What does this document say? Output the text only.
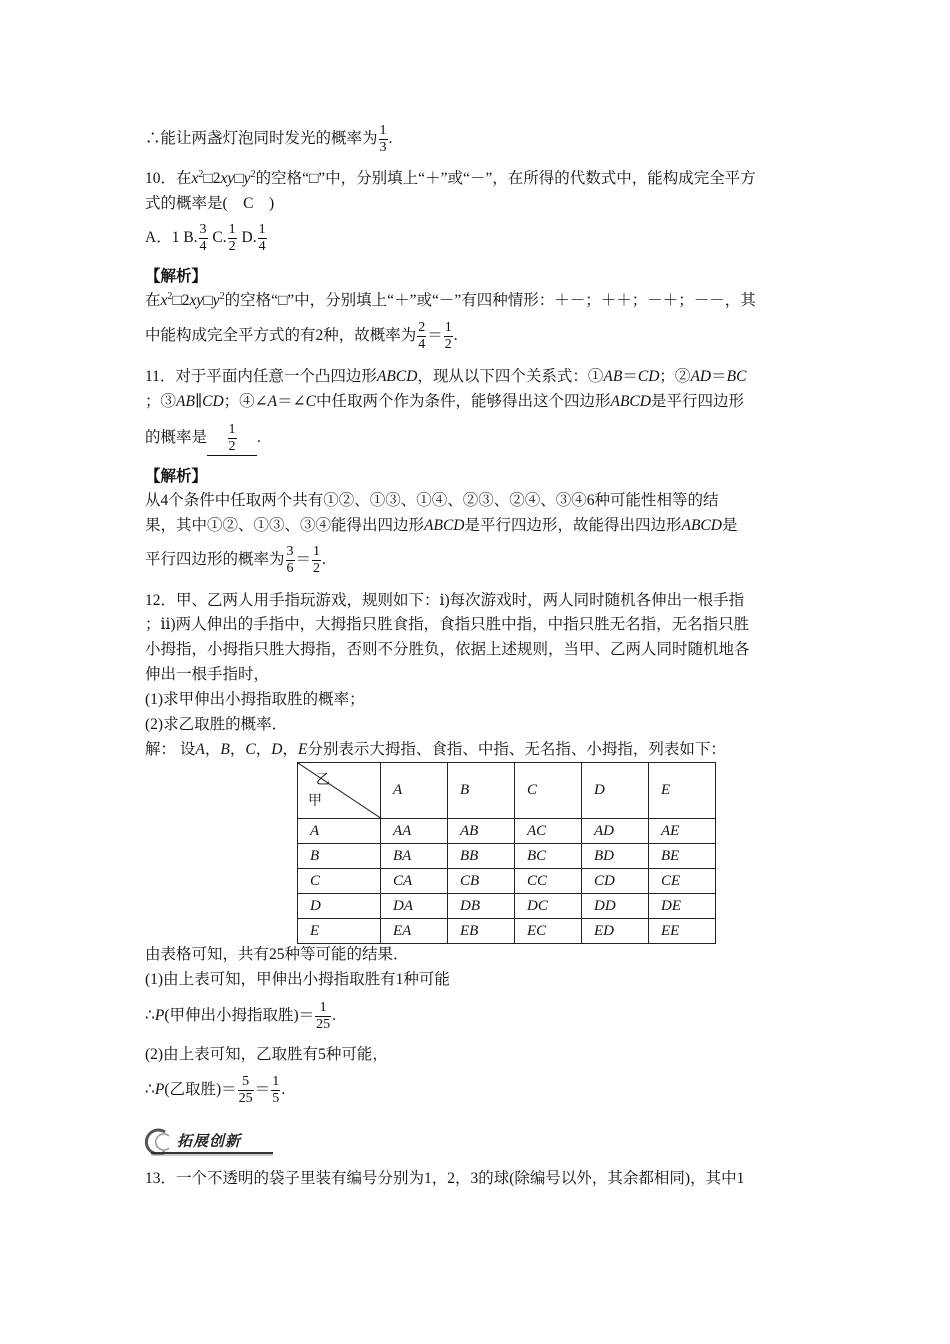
∴能让两盏灯泡同时发光的概率为 $\frac{1}{3}$ .
10．在$x^2□2xy□y^2$的空格“□”中，分别填上“＋”或“－”，在所得的代数式中，能构成完全平方
式的概率是(　C　)
A．1 B. $\frac{3}{4} C$. $\frac{1}{2} D$. $\frac{1}{4}$
【解析】
在$x^2□2xy□y^2$的空格“□”中，分别填上“＋”或“－”有四种情形：＋－；＋＋；－＋；－－，其
中能构成完全平方式的有2种，故概率为 $\frac{2}{4} = \frac{1}{2}$ .
11．对于平面内任意一个凸四边形ABCD，现从以下四个关系式：①AB＝CD；②AD＝BC
；③AB∥CD；④∠A＝∠C中任取两个作为条件，能够得出这个四边形ABCD是平行四边形
的概率是 $\frac{1}{2}$ .
【解析】
从4个条件中任取两个共有①②、①③、①④、②③、②④、③④6种可能性相等的结
果，其中①②、①③、③④能得出四边形ABCD是平行四边形，故能得出四边形ABCD是
平行四边形的概率为 $\frac{3}{6} = \frac{1}{2}$ .
12．甲、乙两人用手指玩游戏，规则如下：ⅰ)每次游戏时，两人同时随机各伸出一根手指
；ⅱ)两人伸出的手指中，大拇指只胜食指，食指只胜中指，中指只胜无名指，无名指只胜
小拇指，小拇指只胜大拇指，否则不分胜负，依据上述规则，当甲、乙两人同时随机地各
伸出一根手指时，
(1)求甲伸出小拇指取胜的概率；
(2)求乙取胜的概率．
解： 设A，B，C，D，E分别表示大拇指、食指、中指、无名指、小拇指，列表如下：
乙
甲	A	B	C	D	E
A	AA	AB	AC	AD	AE
B	BA	BB	BC	BD	BE
C	CA	CB	CC	CD	CE
D	DA	DB	DC	DD	DE
E	EA	EB	EC	ED	EE
由表格可知，共有25种等可能的结果．
(1)由上表可知，甲伸出小拇指取胜有1种可能
∴P(甲伸出小拇指取胜)＝ $\frac{1}{25}$ .
(2)由上表可知，乙取胜有5种可能，
∴P(乙取胜)＝ $\frac{5}{25} = \frac{1}{5}$ .
拓展创新
13．一个不透明的袋子里装有编号分别为1，2，3的球(除编号以外，其余都相同)，其中1
